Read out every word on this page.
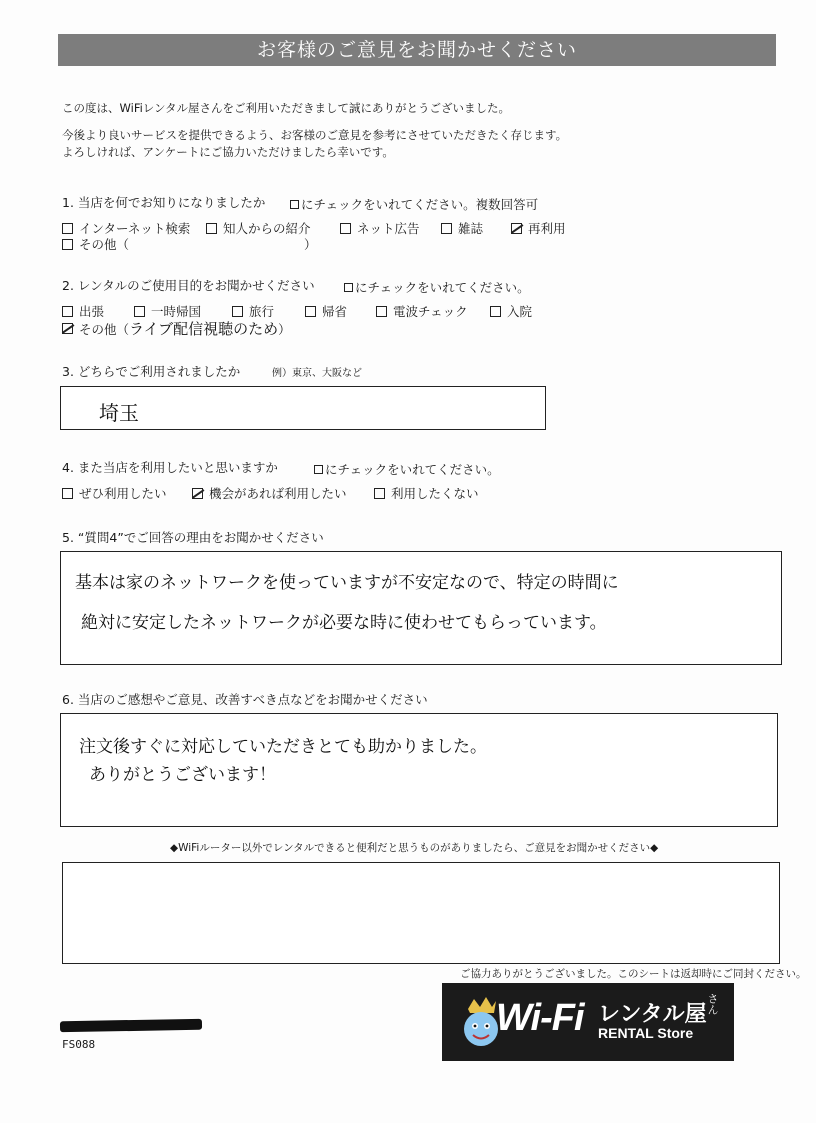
お客様のご意見をお聞かせください
この度は、WiFiレンタル屋さんをご利用いただきまして誠にありがとうございました。
今後より良いサービスを提供できるよう、お客様のご意見を参考にさせていただきたく存じます。
よろしければ、アンケートにご協力いただけましたら幸いです。
1. 当店を何でお知りになりましたか	にチェックをいれてください。 複数回答可
インターネット検索	知人からの紹介	ネット広告	雑誌	再利用
その他（	）
2. レンタルのご使用目的をお聞かせください	にチェックをいれてください。
出張	一時帰国	旅行	帰省	電波チェック	入院
その他（ ライブ配信視聴のため ）
3. どちらでご利用されましたか	例）東京、大阪など
埼玉
4. また当店を利用したいと思いますか	にチェックをいれてください。
ぜひ利用したい	機会があれば利用したい	利用したくない
5. “質問4”でご回答の理由をお聞かせください
基本は家のネットワークを使っていますが不安定なので、特定の時間に
絶対に安定したネットワークが必要な時に使わせてもらっています。
6. 当店のご感想やご意見、改善すべき点などをお聞かせください
注文後すぐに対応していただきとても助かりました。
ありがとうございます！
◆WiFiルーター以外でレンタルできると便利だと思うものがありましたら、ご意見をお聞かせください◆
ご協力ありがとうございました。このシートは返却時にご同封ください。
FS088
Wi-Fi レンタル屋 さん
RENTAL Store
